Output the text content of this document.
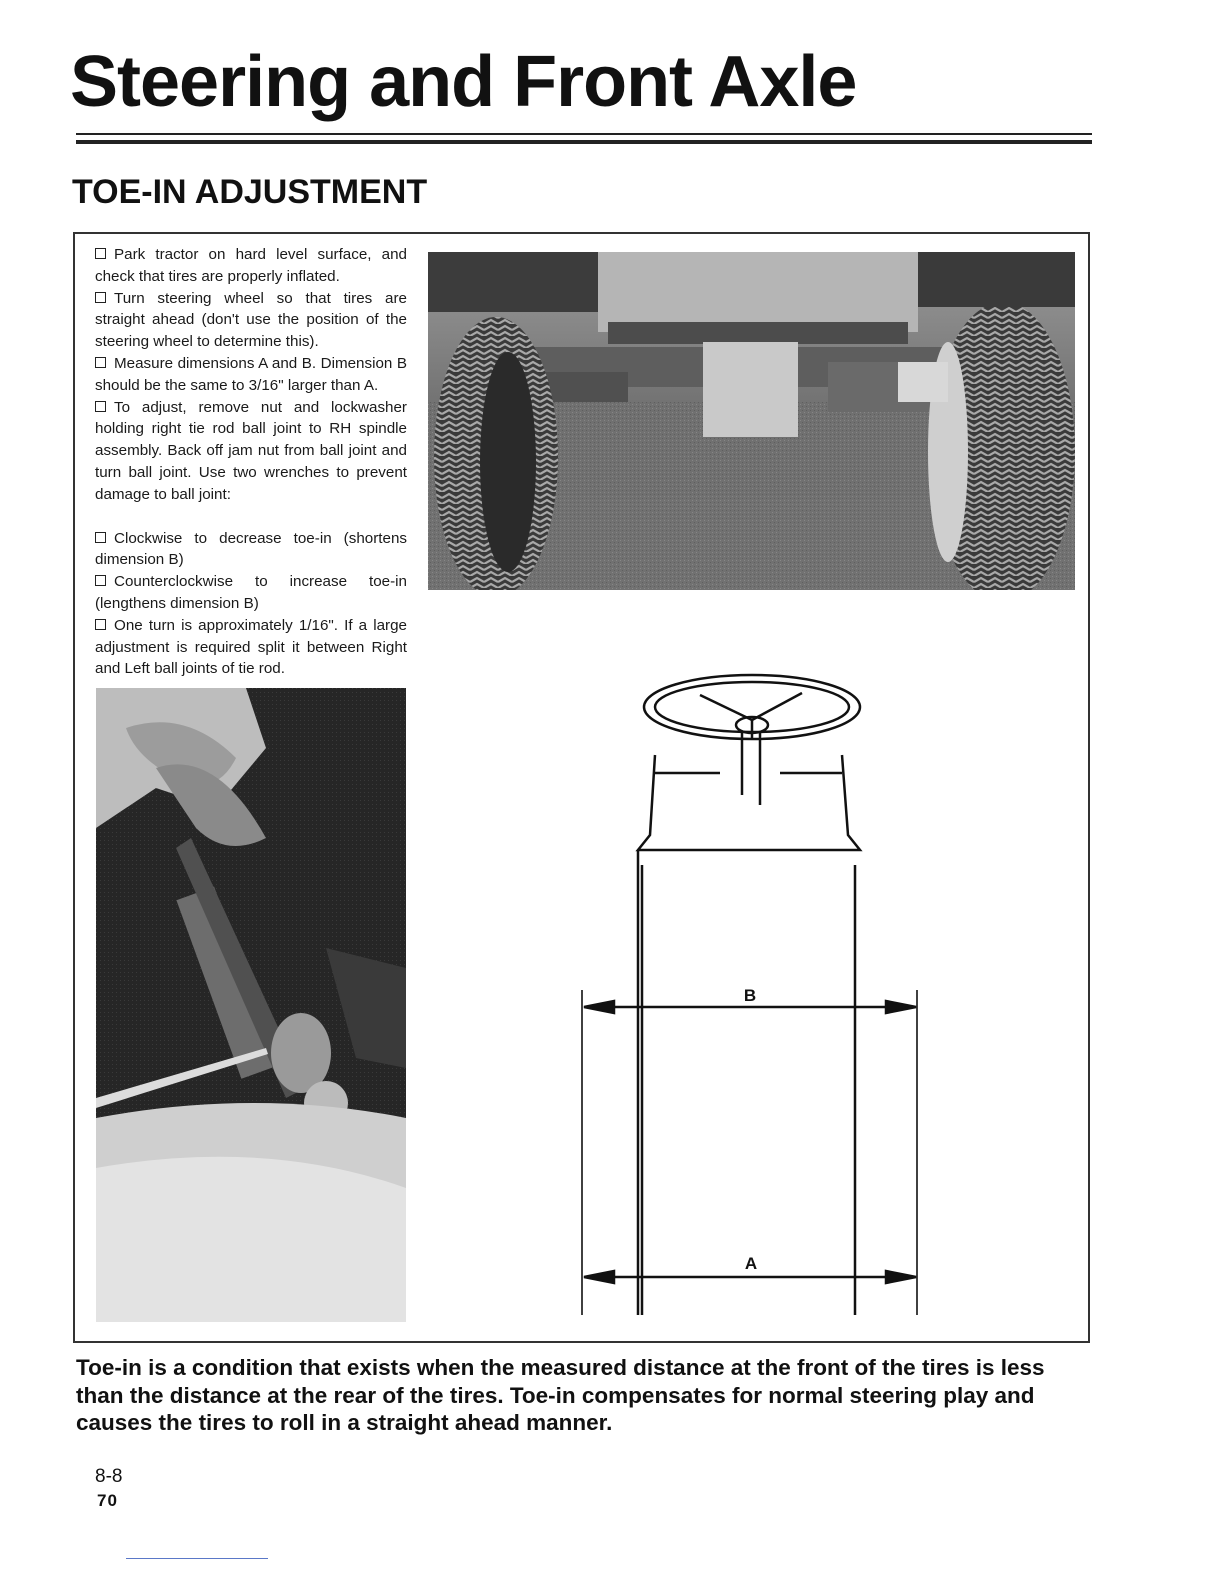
Steering and Front Axle
TOE-IN ADJUSTMENT

Park tractor on hard level surface, and check that tires are properly inflated.

Turn steering wheel so that tires are straight ahead (don't use the position of the steering wheel to determine this).

Measure dimensions A and B. Dimension B should be the same to 3/16" larger than A.

To adjust, remove nut and lockwasher holding right tie rod ball joint to RH spindle assembly. Back off jam nut from ball joint and turn ball joint. Use two wrenches to prevent damage to ball joint:

Clockwise to decrease toe-in (shortens dimension B)

Counterclockwise to increase toe-in (lengthens dimension B)

One turn is approximately 1/16". If a large adjustment is required split it between Right and Left ball joints of tie rod.

B
A

Toe-in is a condition that exists when the measured distance at the front of the tires is less than the distance at the rear of the tires. Toe-in compensates for normal steering play and causes the tires to roll in a straight ahead manner.

8-8
70
